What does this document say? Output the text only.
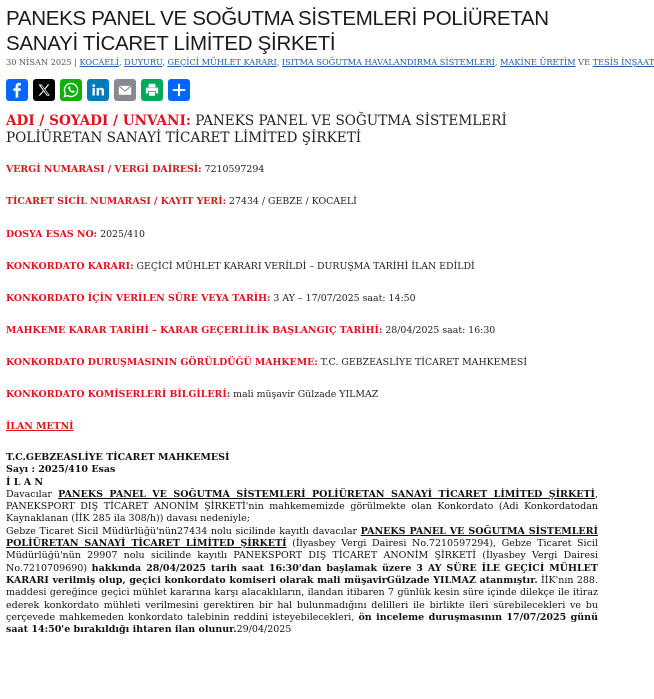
PANEKS PANEL VE SOĞUTMA SİSTEMLERİ POLİÜRETAN SANAYİ TİCARET LİMİTED ŞİRKETİ
30 NİSAN 2025 | KOCAELİ, DUYURU, GEÇİCİ MÜHLET KARARI, ISITMA SOĞUTMA HAVALANDIRMA SİSTEMLERİ, MAKİNE ÜRETİM VE TESİS İNŞAAT
ADI / SOYADI / UNVANI: PANEKS PANEL VE SOĞUTMA SİSTEMLERİ POLİÜRETAN SANAYİ TİCARET LİMİTED ŞİRKETİ
VERGİ NUMARASI / VERGİ DAİRESİ: 7210597294
TİCARET SİCİL NUMARASI / KAYIT YERİ: 27434 / GEBZE / KOCAELİ
DOSYA ESAS NO: 2025/410
KONKORDATO KARARI: GEÇİCİ MÜHLET KARARI VERİLDİ – DURUŞMA TARİHİ İLAN EDİLDİ
KONKORDATO İÇİN VERİLEN SÜRE VEYA TARİH: 3 AY – 17/07/2025 saat: 14:50
MAHKEME KARAR TARİHİ – KARAR GEÇERLİLİK BAŞLANGIÇ TARİHİ: 28/04/2025 saat: 16:30
KONKORDATO DURUŞMASININ GÖRÜLDÜĞÜ MAHKEME: T.C. GEBZEASLİYE TİCARET MAHKEMESİ
KONKORDATO KOMİSERLERİ BİLGİLERİ: mali müşavir Gülzade YILMAZ
İLAN METNİ

T.C.GEBZEASLİYE TİCARET MAHKEMESİ

Sayı : 2025/410 Esas

İ L A N

Davacılar PANEKS PANEL VE SOĞUTMA SİSTEMLERİ POLİÜRETAN SANAYİ TİCARET LİMİTED ŞİRKETİ, PANEKSPORT DIŞ TİCARET ANONİM ŞİRKETİ'nin mahkememizde görülmekte olan Konkordato (Adi Konkordatodan Kaynaklanan (İİK 285 ila 308/h)) davası nedeniyle;

Gebze Ticaret Sicil Müdürlüğü'nün27434 nolu sicilinde kayıtlı davacılar PANEKS PANEL VE SOĞUTMA SİSTEMLERİ POLİÜRETAN SANAYİ TİCARET LİMİTED ŞİRKETİ (İlyasbey Vergi Dairesi No.7210597294), Gebze Ticaret Sicil Müdürlüğü'nün 29907 nolu sicilinde kayıtlı PANEKSPORT DIŞ TİCARET ANONİM ŞİRKETİ (İlyasbey Vergi Dairesi No.7210709690) hakkında 28/04/2025 tarih saat 16:30'dan başlamak üzere 3 AY SÜRE İLE GEÇİCİ MÜHLET KARARI verilmiş olup, geçici konkordato komiseri olarak mali müşavirGülzade YILMAZ atanmıştır. İİK'nın 288. maddesi gereğince geçici mühlet kararına karşı alacaklıların, ilandan itibaren 7 günlük kesin süre içinde dilekçe ile itiraz ederek konkordato mühleti verilmesini gerektiren bir hal bulunmadığını delilleri ile birlikte ileri sürebilecekleri ve bu çerçevede mahkemeden konkordato talebinin reddini isteyebilecekleri, ön inceleme duruşmasının 17/07/2025 günü saat 14:50'e bırakıldığı ihtaren ilan olunur.29/04/2025
